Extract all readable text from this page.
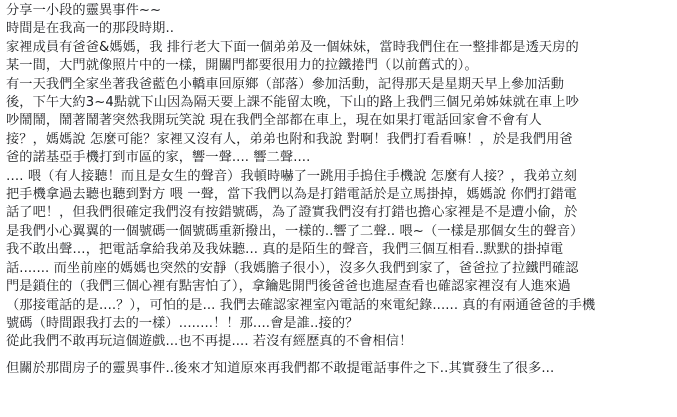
分享一小段的靈異事件~~

時間是在我高一的那段時期..

家裡成員有爸爸&媽媽，我 排行老大下面一個弟弟及一個妹妹，當時我們住在一整排都是透天房的

某一間，大門就像照片中的一樣，開關門都要很用力的拉鐵捲門（以前舊式的）。

有一天我們全家坐著我爸藍色小轎車回原鄉（部落）參加活動，記得那天是星期天早上參加活動

後，下午大約3~4點就下山因為隔天要上課不能留太晚，下山的路上我們三個兄弟姊妹就在車上吵

吵鬧鬧，鬧著鬧著突然我開玩笑說 現在我們全部都在車上，現在如果打電話回家會不會有人

接？，媽媽說 怎麼可能？家裡又沒有人，弟弟也附和我說 對啊！我們打看看嘛！，於是我們用爸

爸的諾基亞手機打到市區的家，響一聲.... 響二聲....

…. 喂（有人接聽！而且是女生的聲音）我頓時嚇了一跳用手摀住手機說 怎麼有人接？，我弟立刻

把手機拿過去聽也聽到對方 喂 一聲，當下我們以為是打錯電話於是立馬掛掉，媽媽說 你們打錯電

話了吧！，但我們很確定我們沒有按錯號碼，為了證實我們沒有打錯也擔心家裡是不是遭小偷，於

是我們小心翼翼的一個號碼一個號碼重新撥出，一樣的..響了二聲.. 喂~（一樣是那個女生的聲音）

我不敢出聲…，把電話拿給我弟及我妹聽... 真的是陌生的聲音，我們三個互相看..默默的掛掉電

話....... 而坐前座的媽媽也突然的安靜（我媽膽子很小），沒多久我們到家了，爸爸拉了拉鐵門確認

門是鎖住的（我們三個心裡有點害怕了），拿鑰匙開門後爸爸也進屋查看也確認家裡沒有人進來過

（那接電話的是....？），可怕的是... 我們去確認家裡室內電話的來電紀錄...... 真的有兩通爸爸的手機

號碼（時間跟我打去的一樣）........！！那....會是誰..接的？

從此我們不敢再玩這個遊戲...也不再提.... 若沒有經歷真的不會相信！

但關於那間房子的靈異事件..後來才知道原來再我們都不敢提電話事件之下..其實發生了很多...
